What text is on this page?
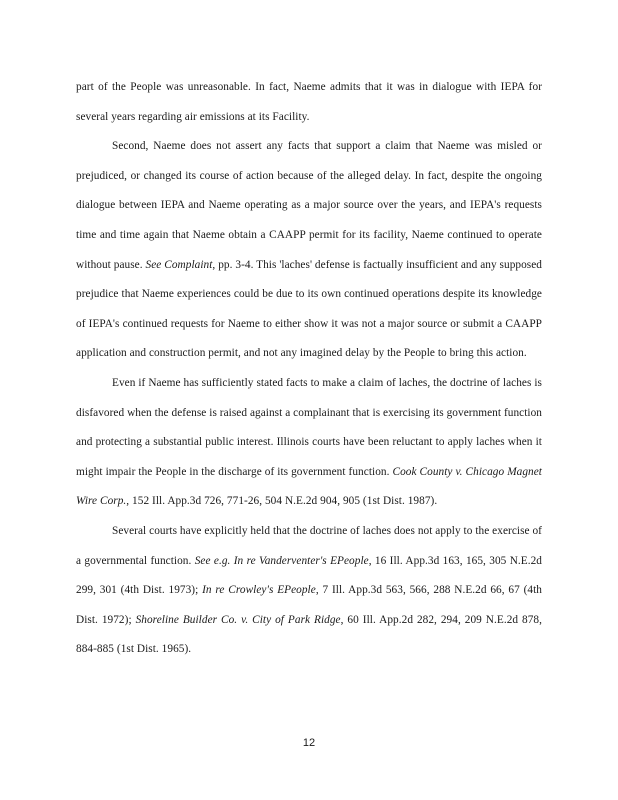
part of the People was unreasonable. In fact, Naeme admits that it was in dialogue with IEPA for several years regarding air emissions at its Facility.

Second, Naeme does not assert any facts that support a claim that Naeme was misled or prejudiced, or changed its course of action because of the alleged delay. In fact, despite the ongoing dialogue between IEPA and Naeme operating as a major source over the years, and IEPA's requests time and time again that Naeme obtain a CAAPP permit for its facility, Naeme continued to operate without pause. See Complaint, pp. 3-4. This 'laches' defense is factually insufficient and any supposed prejudice that Naeme experiences could be due to its own continued operations despite its knowledge of IEPA's continued requests for Naeme to either show it was not a major source or submit a CAAPP application and construction permit, and not any imagined delay by the People to bring this action.

Even if Naeme has sufficiently stated facts to make a claim of laches, the doctrine of laches is disfavored when the defense is raised against a complainant that is exercising its government function and protecting a substantial public interest. Illinois courts have been reluctant to apply laches when it might impair the People in the discharge of its government function. Cook County v. Chicago Magnet Wire Corp., 152 Ill. App.3d 726, 771-26, 504 N.E.2d 904, 905 (1st Dist. 1987).

Several courts have explicitly held that the doctrine of laches does not apply to the exercise of a governmental function. See e.g. In re Vanderventer's EPeople, 16 Ill. App.3d 163, 165, 305 N.E.2d 299, 301 (4th Dist. 1973); In re Crowley's EPeople, 7 Ill. App.3d 563, 566, 288 N.E.2d 66, 67 (4th Dist. 1972); Shoreline Builder Co. v. City of Park Ridge, 60 Ill. App.2d 282, 294, 209 N.E.2d 878, 884-885 (1st Dist. 1965).

12
